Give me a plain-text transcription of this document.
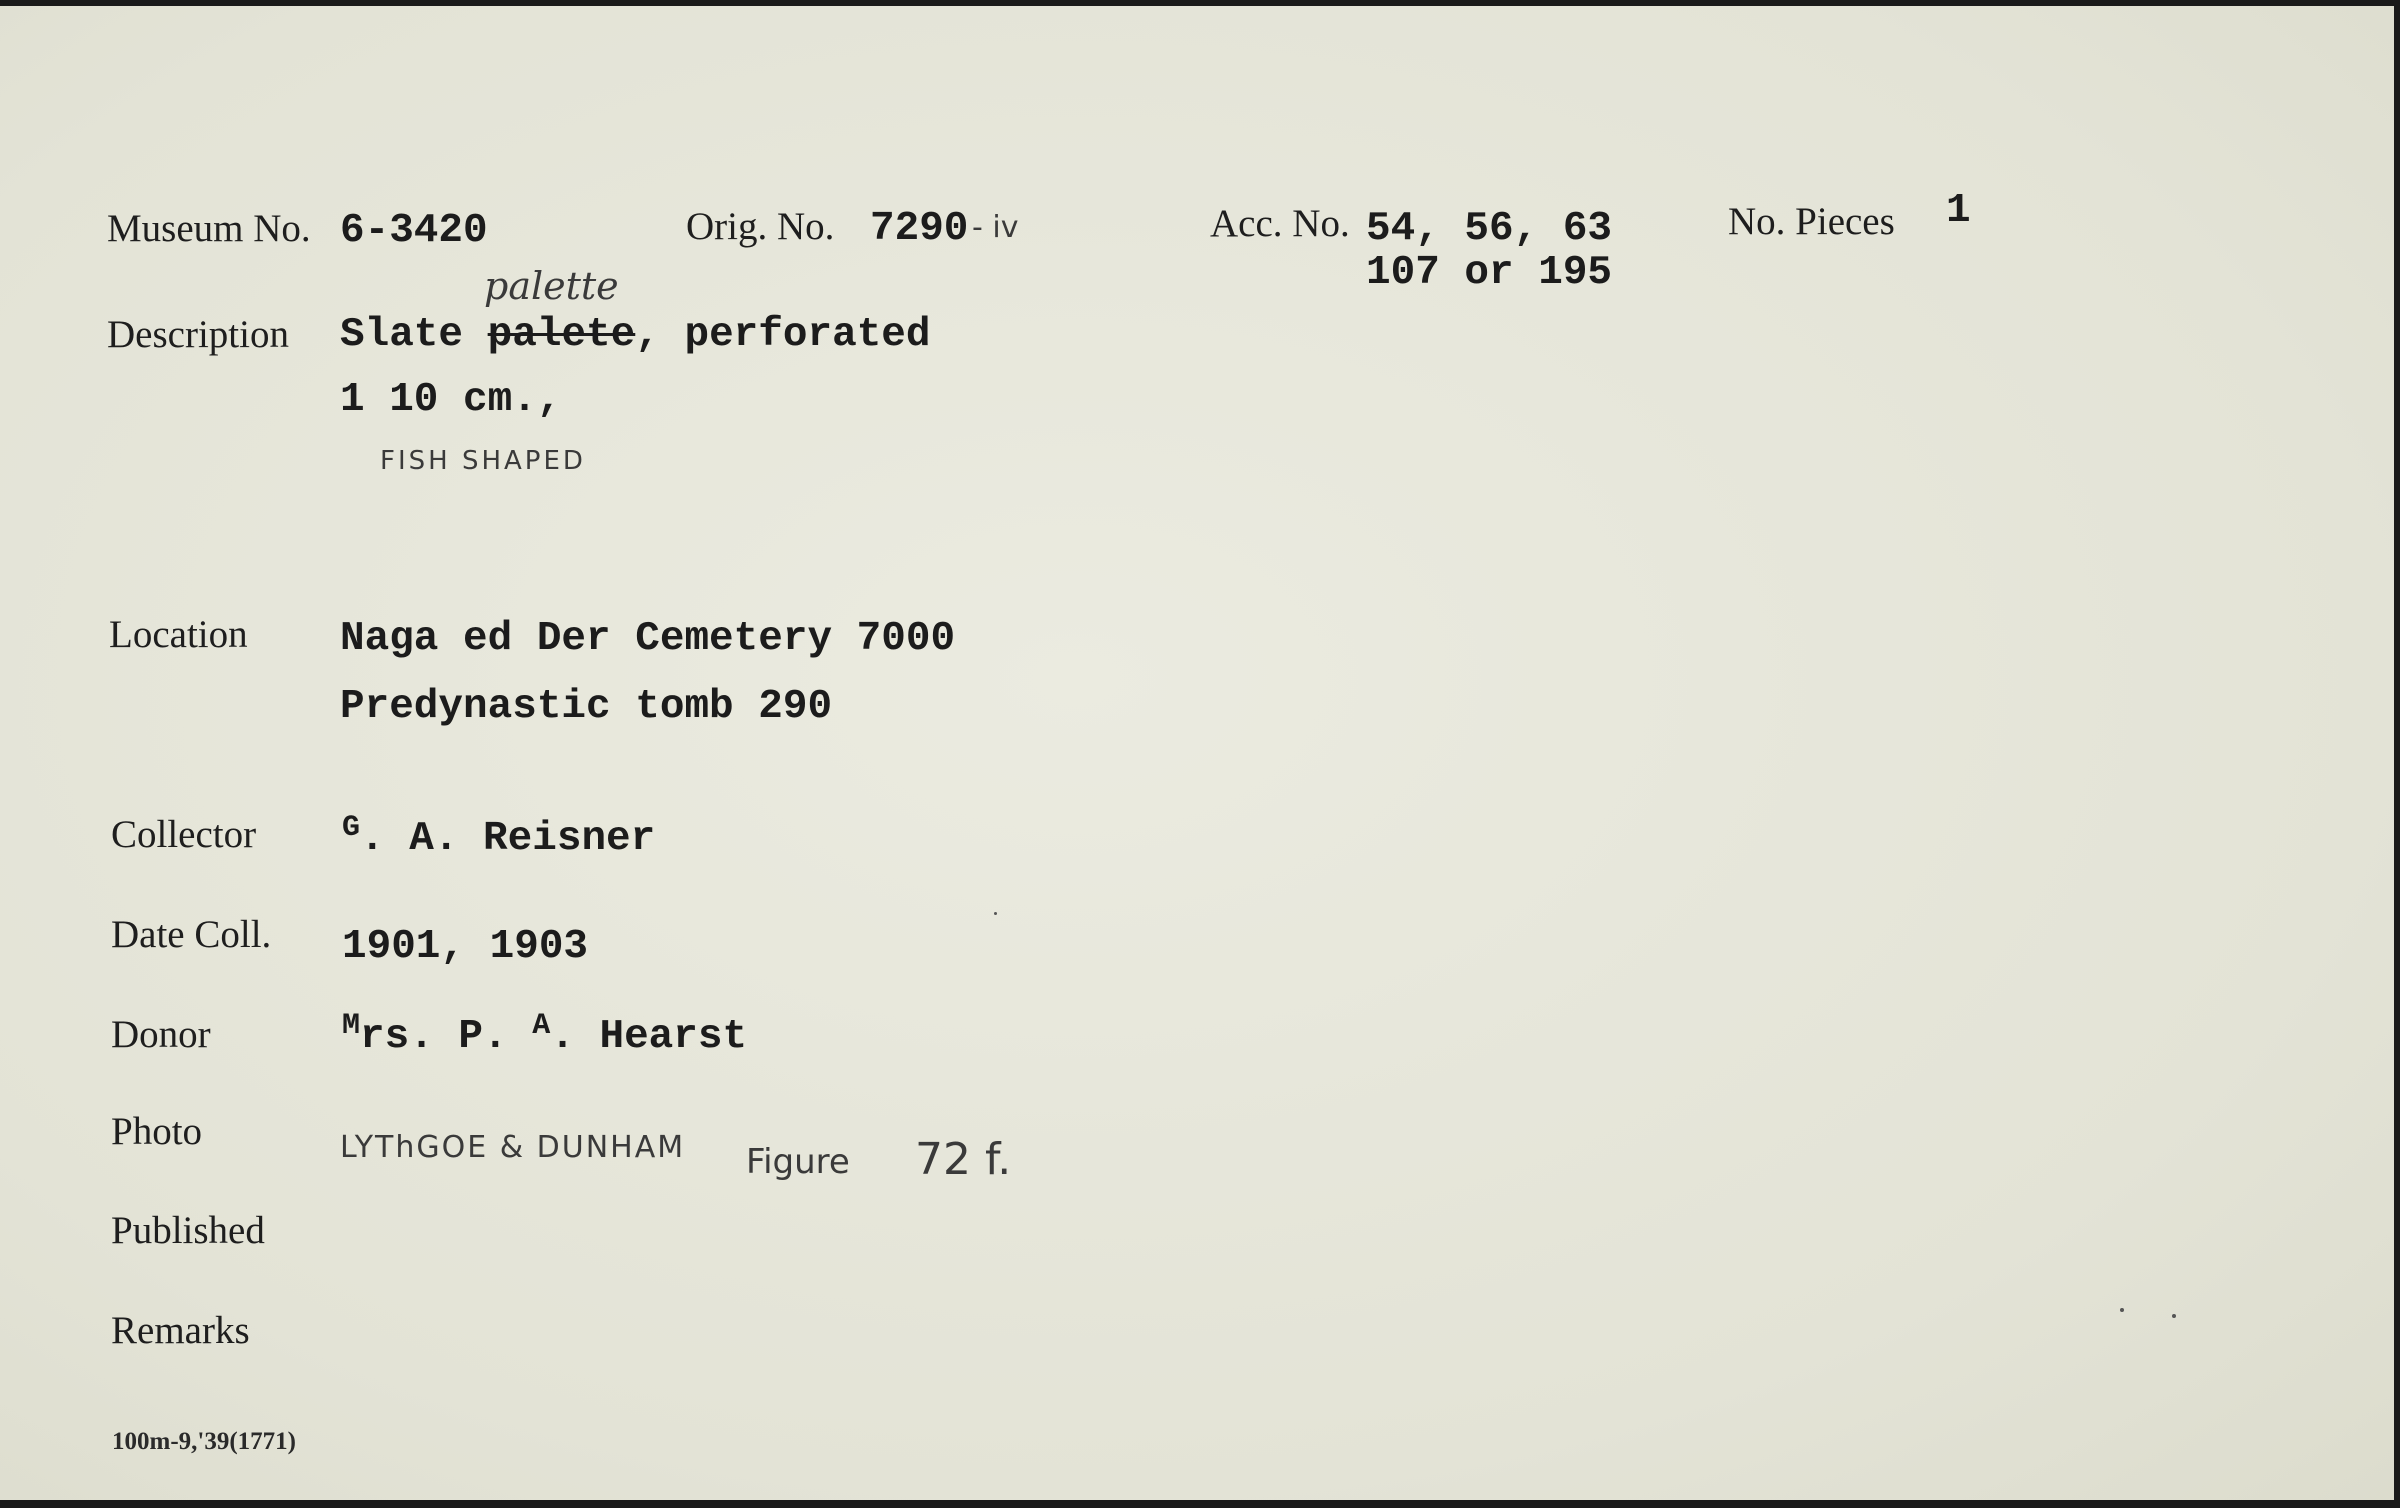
Museum No. 6-3420	Orig. No. 7290 - iv	Acc. No. 54, 56, 63
107 or 195
No. Pieces 1
Description
palette
Slate palete, perforated
1 10 cm.,
FISH SHAPED
Location Naga ed Der Cemetery 7000
Predynastic tomb 290
Collector	$^G$. A. Reisner
Date Coll. 1901, 1903
Donor	$^M$rs. P. $^A$. Hearst
Photo	LYThGOE & DUNHAM Figure 72 f.
Published
Remarks
100m-9,'39(1771)
